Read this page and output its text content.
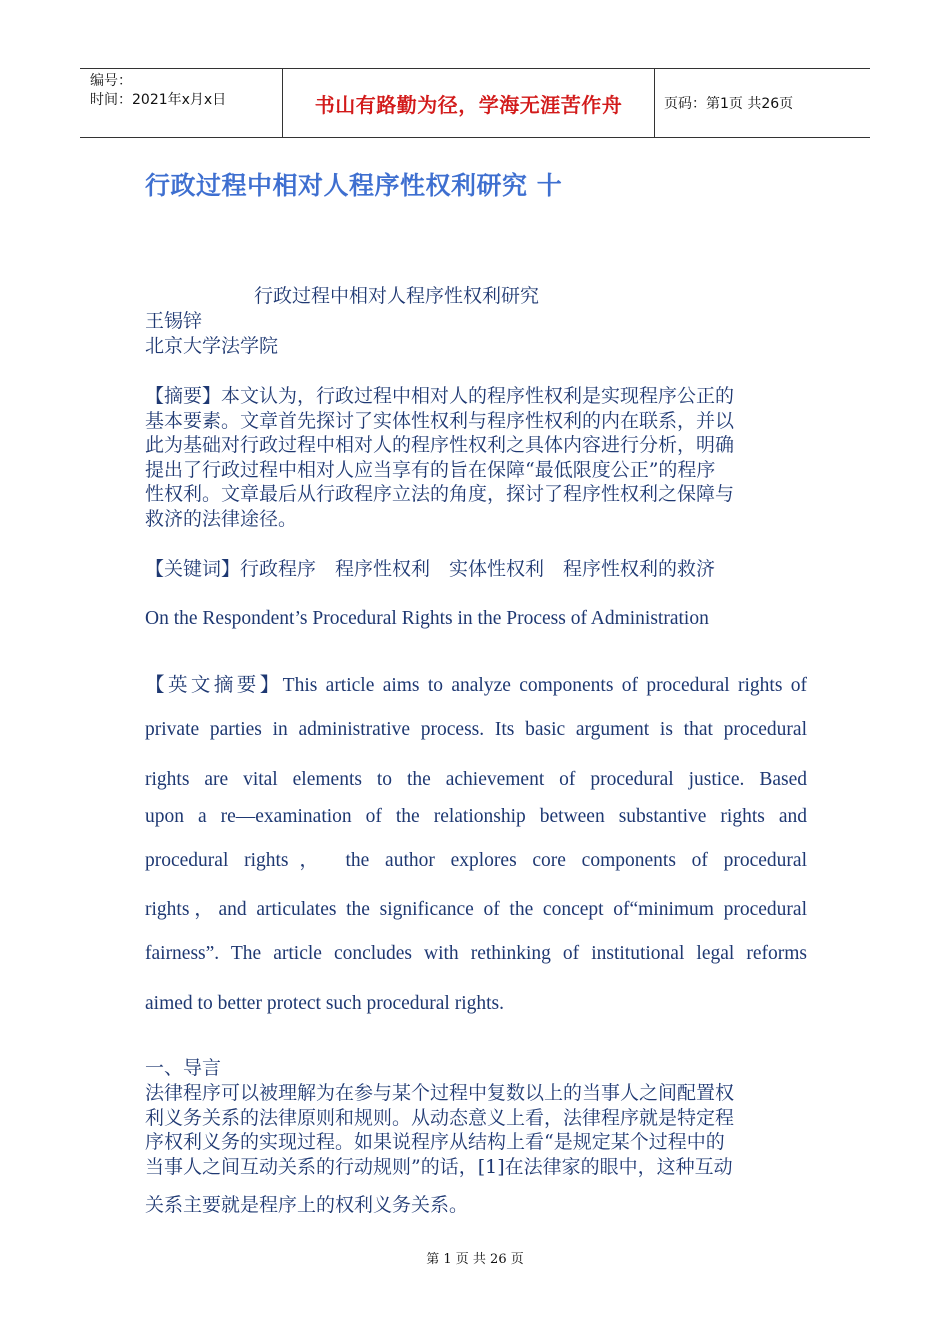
编号：
时间：2021年x月x日	书山有路勤为径，学海无涯苦作舟	页码：第1页 共26页
行政过程中相对人程序性权利研究 十
行政过程中相对人程序性权利研究
王锡锌
北京大学法学院
【摘要】本文认为，行政过程中相对人的程序性权利是实现程序公正的
基本要素。文章首先探讨了实体性权利与程序性权利的内在联系，并以
此为基础对行政过程中相对人的程序性权利之具体内容进行分析，明确
提出了行政过程中相对人应当享有的旨在保障“最低限度公正”的程序
性权利。文章最后从行政程序立法的角度，探讨了程序性权利之保障与
救济的法律途径。
【关键词】行政程序　程序性权利　实体性权利　程序性权利的救济
On the Respondent’s Procedural Rights in the Process of Administration
【英文摘要】This article aims to analyze components of procedural rights of
private parties in administrative process. Its basic argument is that procedural
rights are vital elements to the achievement of procedural justice. Based
upon a re—examination of the relationship between substantive rights and
procedural rights， the author explores core components of procedural
rights，and articulates the significance of the concept of“minimum procedural
fairness”. The article concludes with rethinking of institutional legal reforms
aimed to better protect such procedural rights.
一、导言
法律程序可以被理解为在参与某个过程中复数以上的当事人之间配置权
利义务关系的法律原则和规则。从动态意义上看，法律程序就是特定程
序权利义务的实现过程。如果说程序从结构上看“是规定某个过程中的
当事人之间互动关系的行动规则”的话，[1]在法律家的眼中，这种互动
关系主要就是程序上的权利义务关系。
第 1 页 共 26 页
